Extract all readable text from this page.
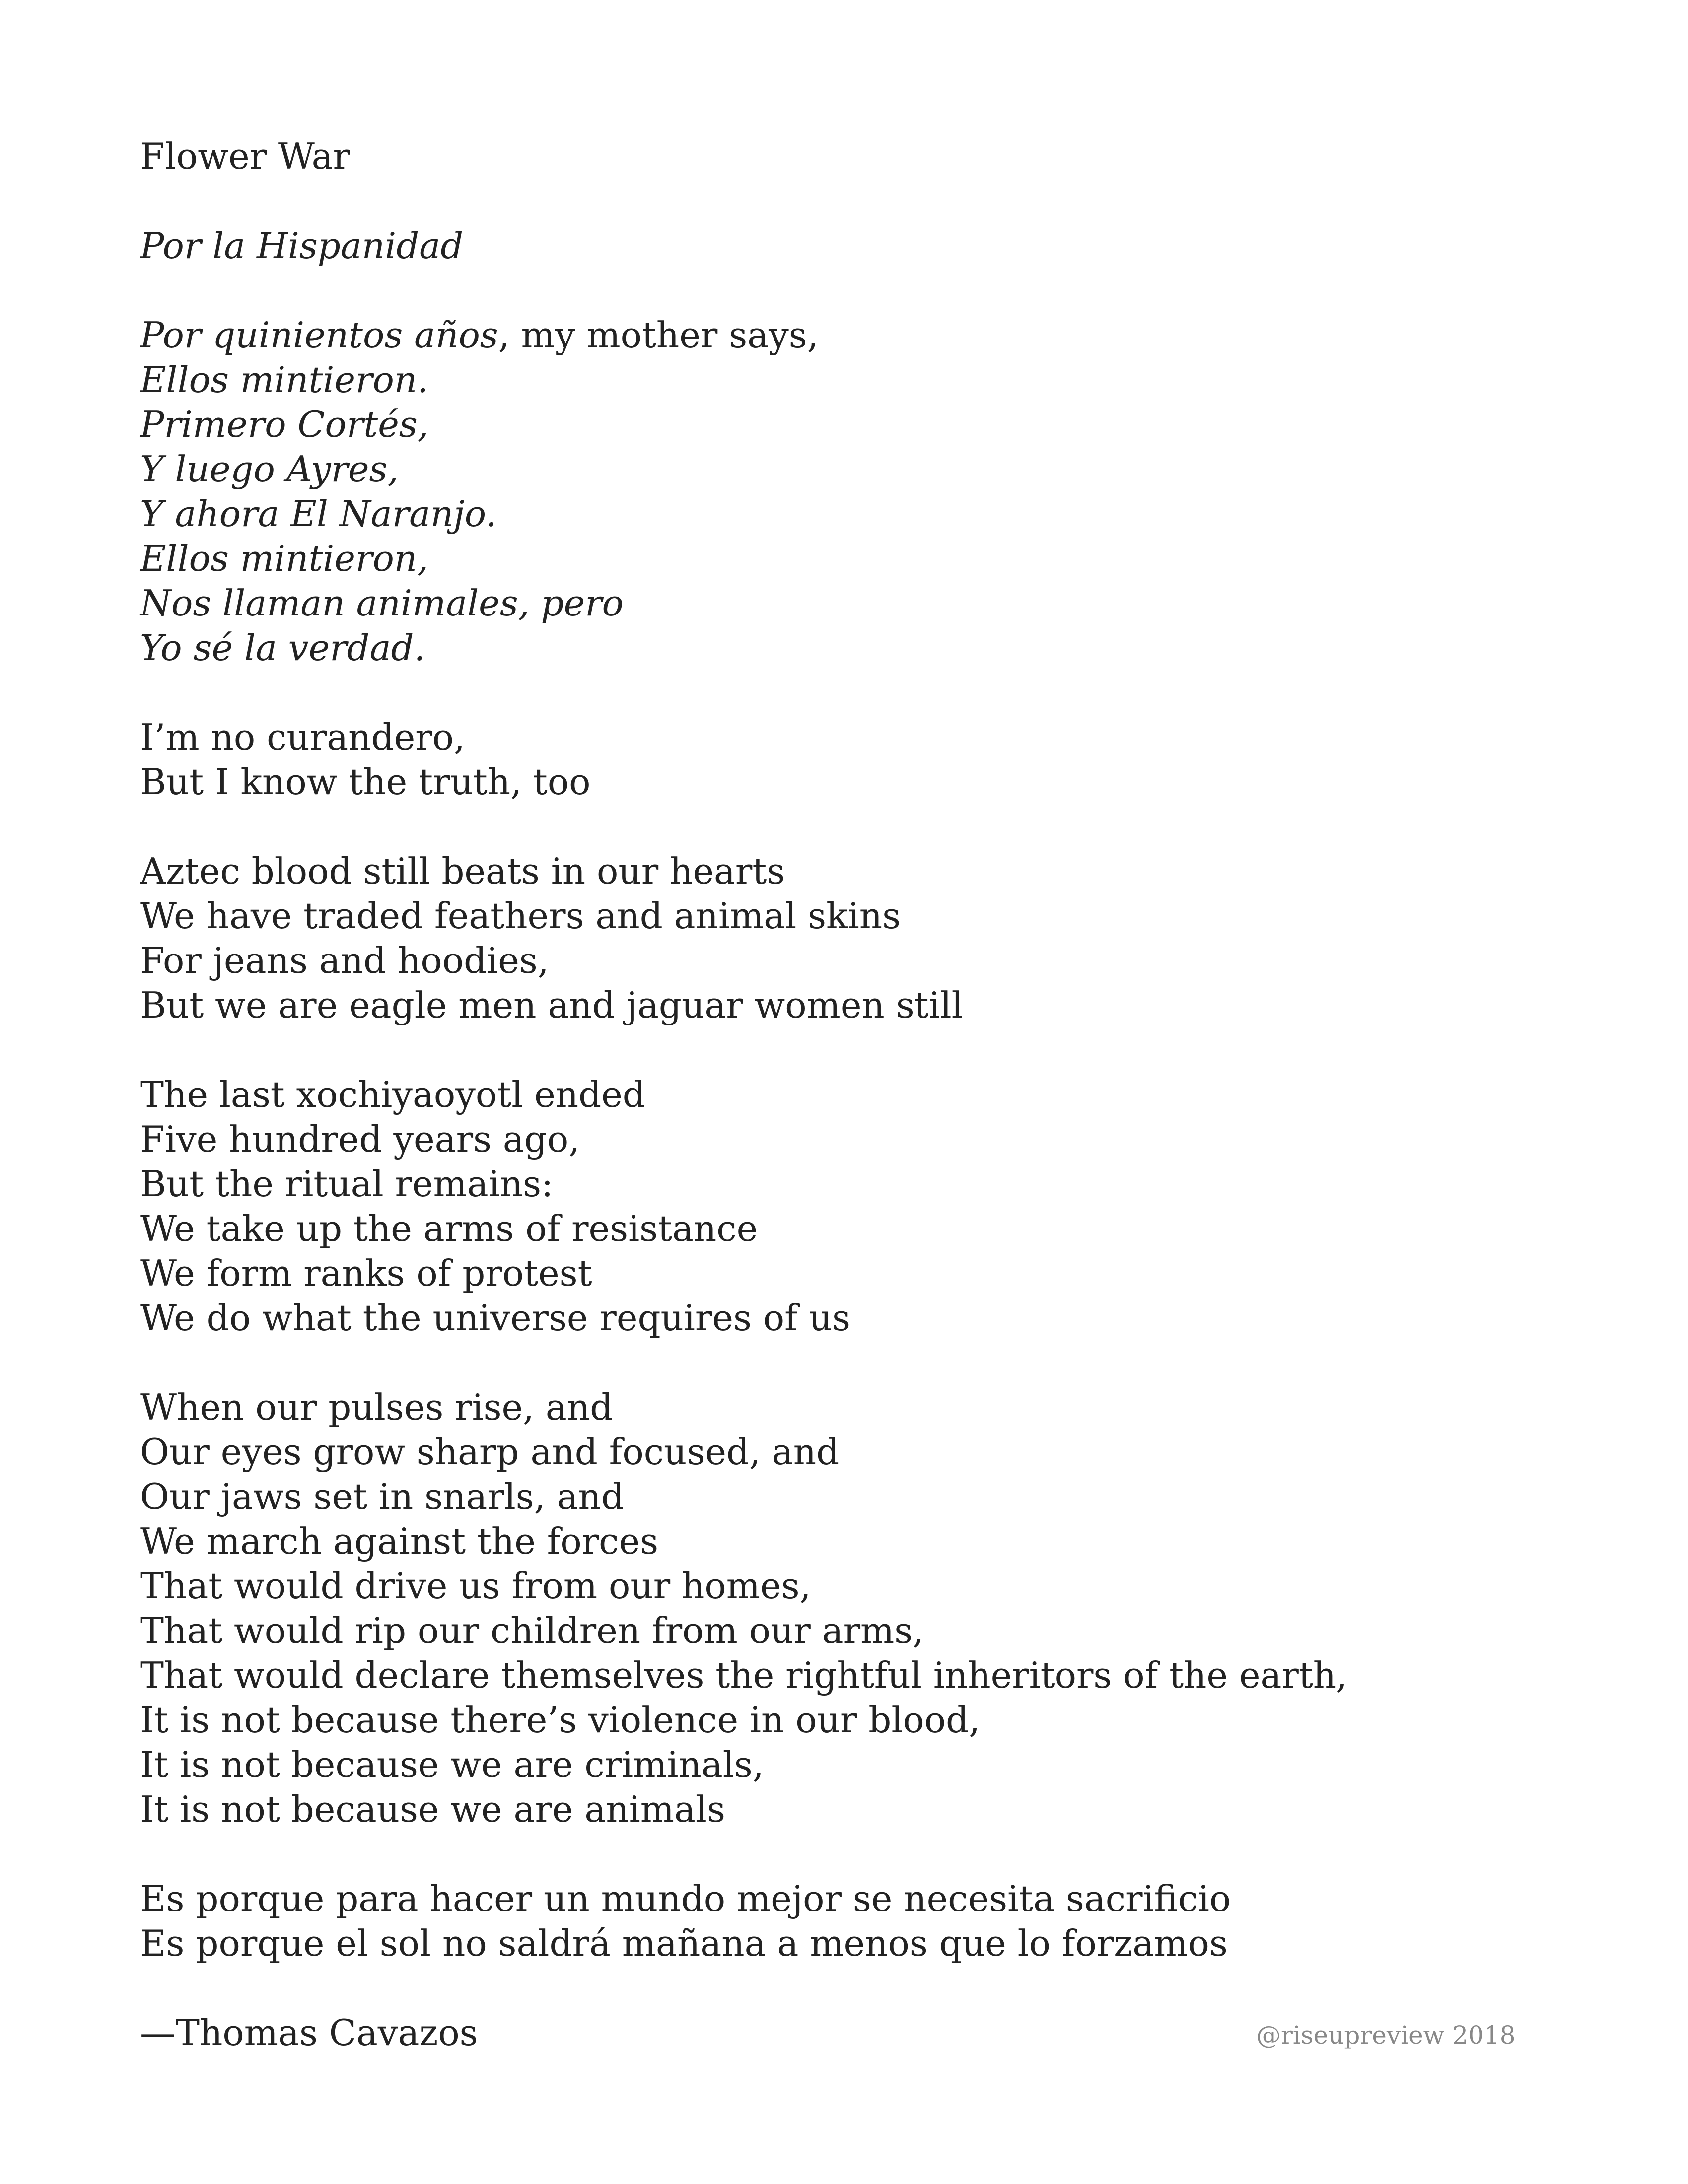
Flower War
Por la Hispanidad
Por quinientos años, my mother says,
Ellos mintieron.
Primero Cortés,
Y luego Ayres,
Y ahora El Naranjo.
Ellos mintieron,
Nos llaman animales, pero
Yo sé la verdad.
I’m no curandero,
But I know the truth, too
Aztec blood still beats in our hearts
We have traded feathers and animal skins
For jeans and hoodies,
But we are eagle men and jaguar women still
The last xochiyaoyotl ended
Five hundred years ago,
But the ritual remains:
We take up the arms of resistance
We form ranks of protest
We do what the universe requires of us
When our pulses rise, and
Our eyes grow sharp and focused, and
Our jaws set in snarls, and
We march against the forces
That would drive us from our homes,
That would rip our children from our arms,
That would declare themselves the rightful inheritors of the earth,
It is not because there’s violence in our blood,
It is not because we are criminals,
It is not because we are animals
Es porque para hacer un mundo mejor se necesita sacrificio
Es porque el sol no saldrá mañana a menos que lo forzamos
—Thomas Cavazos	@riseupreview 2018
